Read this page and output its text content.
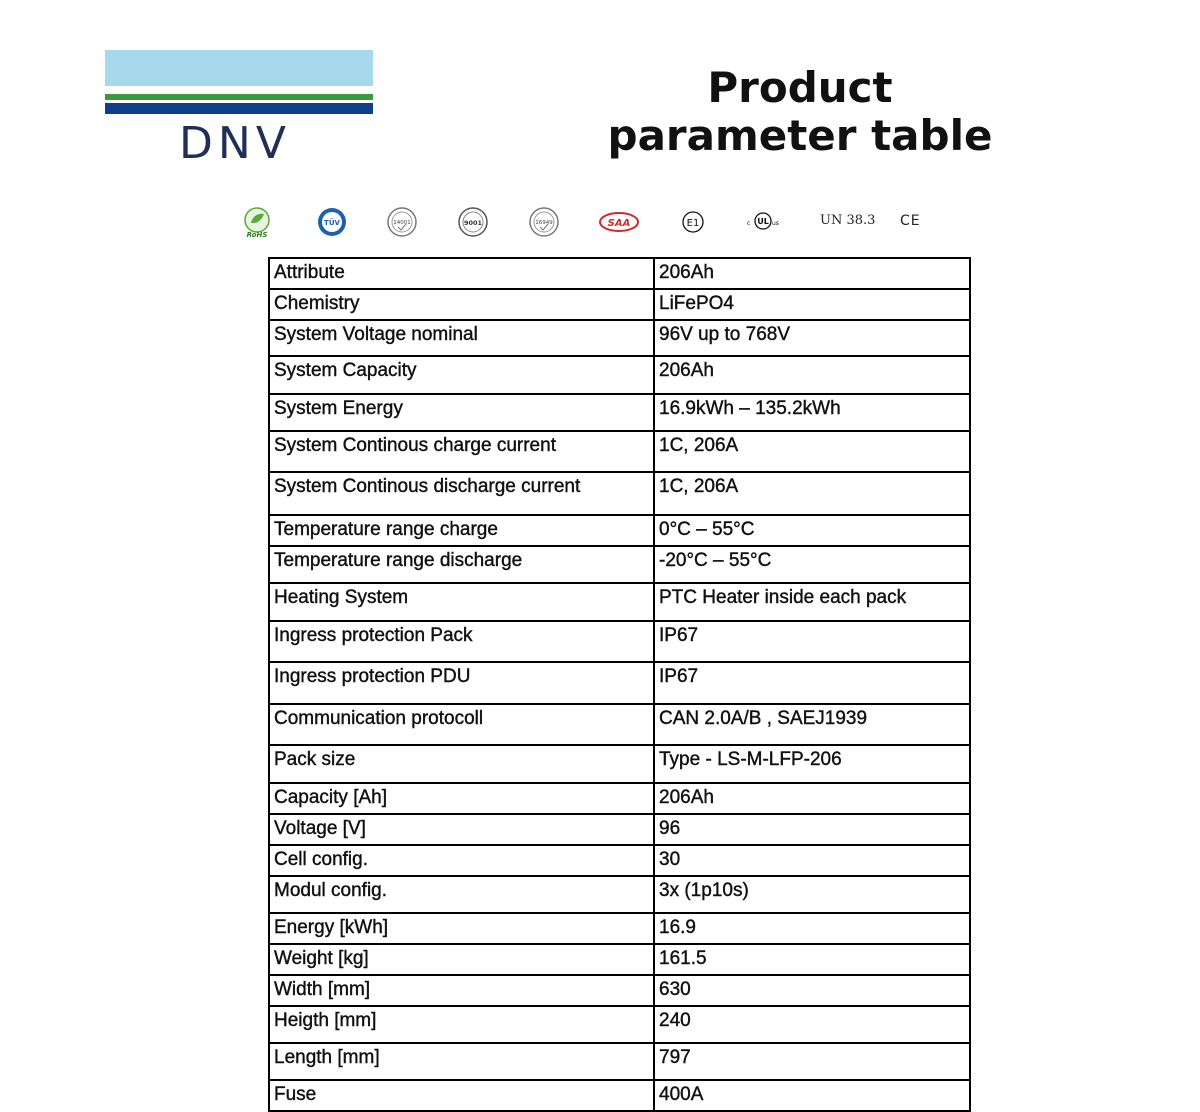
DNV
Product
parameter table
RoHS
TÜV	14001	9001	16949	SAA	E1	c UL us	UN 38.3 CE
Attribute	206Ah
Chemistry	LiFePO4
System Voltage nominal	96V up to 768V
System Capacity	206Ah
System Energy	16.9kWh – 135.2kWh
System Continous charge current	1C, 206A
System Continous discharge current	1C, 206A
Temperature range charge	0°C – 55°C
Temperature range discharge	-20°C – 55°C
Heating System	PTC Heater inside each pack
Ingress protection Pack	IP67
Ingress protection PDU	IP67
Communication protocoll	CAN 2.0A/B , SAEJ1939
Pack size	Type - LS-M-LFP-206
Capacity [Ah]	206Ah
Voltage [V]	96
Cell config.	30
Modul config.	3x (1p10s)
Energy [kWh]	16.9
Weight [kg]	161.5
Width [mm]	630
Heigth [mm]	240
Length [mm]	797
Fuse	400A
